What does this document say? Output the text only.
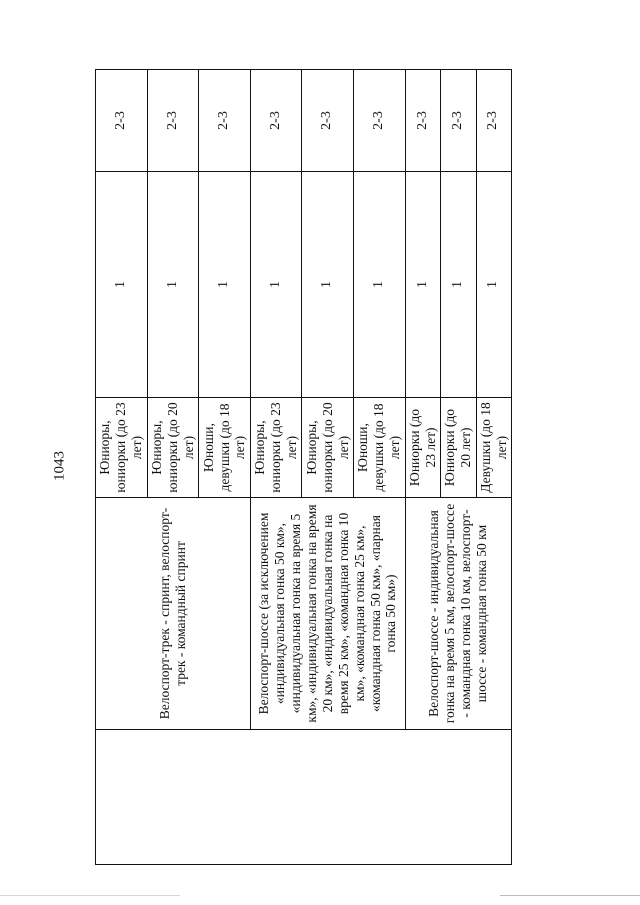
1043
	Велоспорт-трек - спринт, велоспорт-трек - командный спринт	Юниоры, юниорки (до 23 лет)	1	2-3
		Юниоры, юниорки (до 20 лет)	1	2-3
		Юноши, девушки (до 18 лет)	1	2-3
	Велоспорт-шоссе (за исключением «индивидуальная гонка 50 км», «индивидуальная гонка на время 5 км», «индивидуальная гонка на время 20 км», «индивидуальная гонка на время 25 км», «командная гонка 10 км», «командная гонка 25 км», «командная гонка 50 км», «парная гонка 50 км»)	Юниоры, юниорки (до 23 лет)	1	2-3
		Юниоры, юниорки (до 20 лет)	1	2-3
		Юноши, девушки (до 18 лет)	1	2-3
	Велоспорт-шоссе - индивидуальная гонка на время 5 км, велоспорт-шоссе - командная гонка 10 км, велоспорт-шоссе - командная гонка 50 км	Юниорки (до 23 лет)	1	2-3
		Юниорки (до 20 лет)	1	2-3
		Девушки (до 18 лет)	1	2-3
